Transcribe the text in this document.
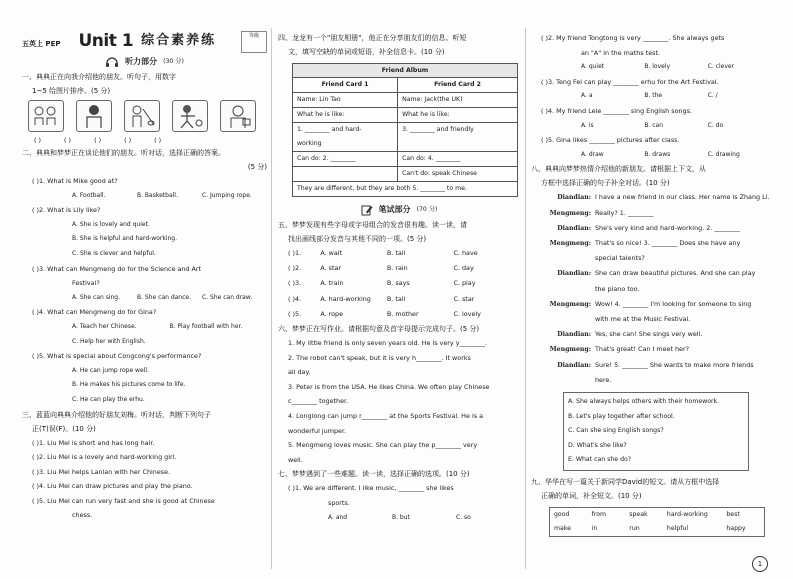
五英上 PEP Unit 1 综合素养练	等级
听力部分 (30 分)
一、典典正在向我介绍他的朋友。听句子，用数字
1~5 给图片排序。(5 分)
( )	( )	( )	( )	( )
二、典典和梦梦正在谈论他们的朋友。听对话，选择正确的答案。
(5 分)
( )1. What is Mike good at?
A. Football.	B. Basketball.	C. Jumping rope.
( )2. What is Lily like?
A. She is lovely and quiet.
B. She is helpful and hard-working.
C. She is clever and helpful.
( )3. What can Mengmeng do for the Science and Art
Festival?
A. She can sing.	B. She can dance.	C. She can draw.
( )4. What can Mengmeng do for Gina?
A. Teach her Chinese.	B. Play football with her.
C. Help her with English.
( )5. What is special about Congcong's performance?
A. He can jump rope well.
B. He makes his pictures come to life.
C. He can play the erhu.
三、蓝蓝向典典介绍他的好朋友刘梅。听对话，判断下列句子
正(T)误(F)。(10 分)
( )1. Liu Mei is short and has long hair.
( )2. Liu Mei is a lovely and hard-working girl.
( )3. Liu Mei helps Lanlan with her Chinese.
( )4. Liu Mei can draw pictures and play the piano.
( )5. Liu Mei can run very fast and she is good at Chinese
chess.
四、龙龙有一个"朋友相册"，他正在分享朋友们的信息。听短
文，填写空缺的单词或短语，补全信息卡。(10 分)
Friend Album	
Friend Card 1	Friend Card 2
Name: Lin Tao	Name: Jack(the UK)
What he is like:	What he is like:
1. ________ and hard-
working	3. ________ and friendly
Can do: 2. ________	Can do: 4. ________
	Can't do: speak Chinese
They are different, but they are both 5. ________ to me.	
笔试部分 (70 分)
五、梦梦发现有些字母或字母组合的发音很有趣。读一读，请
找出画线部分发音与其他不同的一项。(5 分)
( )1.	A. wait	B. tail	C. have
( )2.	A. star	B. rain	C. day
( )3.	A. train	B. says	C. play
( )4.	A. hard-working	B. tall	C. star
( )5.	A. rope	B. mother	C. lovely
六、梦梦正在写作业。请根据句意及首字母提示完成句子。(5 分)
1. My little friend is only seven years old. He is very y________.
2. The robot can't speak, but it is very h________. It works
all day.
3. Peter is from the USA. He likes China. We often play Chinese
c________ together.
4. Longlong can jump r________ at the Sports Festival. He is a
wonderful jumper.
5. Mengmeng loves music. She can play the p________ very
well.
七、梦梦遇到了一些难题。读一读，选择正确的选项。(10 分)
( )1. We are different. I like music, ________ she likes
sports.
A. and	B. but	C. so
( )2. My friend Tongtong is very ________. She always gets
an "A" in the maths test.
A. quiet	B. lovely	C. clever
( )3. Teng Fei can play ________ erhu for the Art Festival.
A. a	B. the	C. /
( )4. My friend Lele ________ sing English songs.
A. is	B. can	C. do
( )5. Gina likes ________ pictures after class.
A. draw	B. draws	C. drawing
八、典典向梦梦热情介绍他的新朋友。请根据上下文，从
方框中选择正确的句子补全对话。(10 分)
Diandian: I have a new friend in our class. Her name is Zhang Li.
Mengmeng: Really? 1. ________
Diandian: She's very kind and hard-working. 2. ________
Mengmeng: That's so nice! 3. ________ Does she have any
special talents?
Diandian: She can draw beautiful pictures. And she can play
the piano too.
Mengmeng: Wow! 4. ________ I'm looking for someone to sing
with me at the Music Festival.
Diandian: Yes, she can! She sings very well.
Mengmeng: That's great! Can I meet her?
Diandian: Sure! 5. ________ She wants to make more friends
here.
A. She always helps others with their homework.
B. Let's play together after school.
C. Can she sing English songs?
D. What's she like?
E. What can she do?
九、华华在写一篇关于新同学David的短文。请从方框中选择
正确的单词，补全短文。(10 分)
good	from	speak	hard-working	best
make	in	run	helpful	happy
1
